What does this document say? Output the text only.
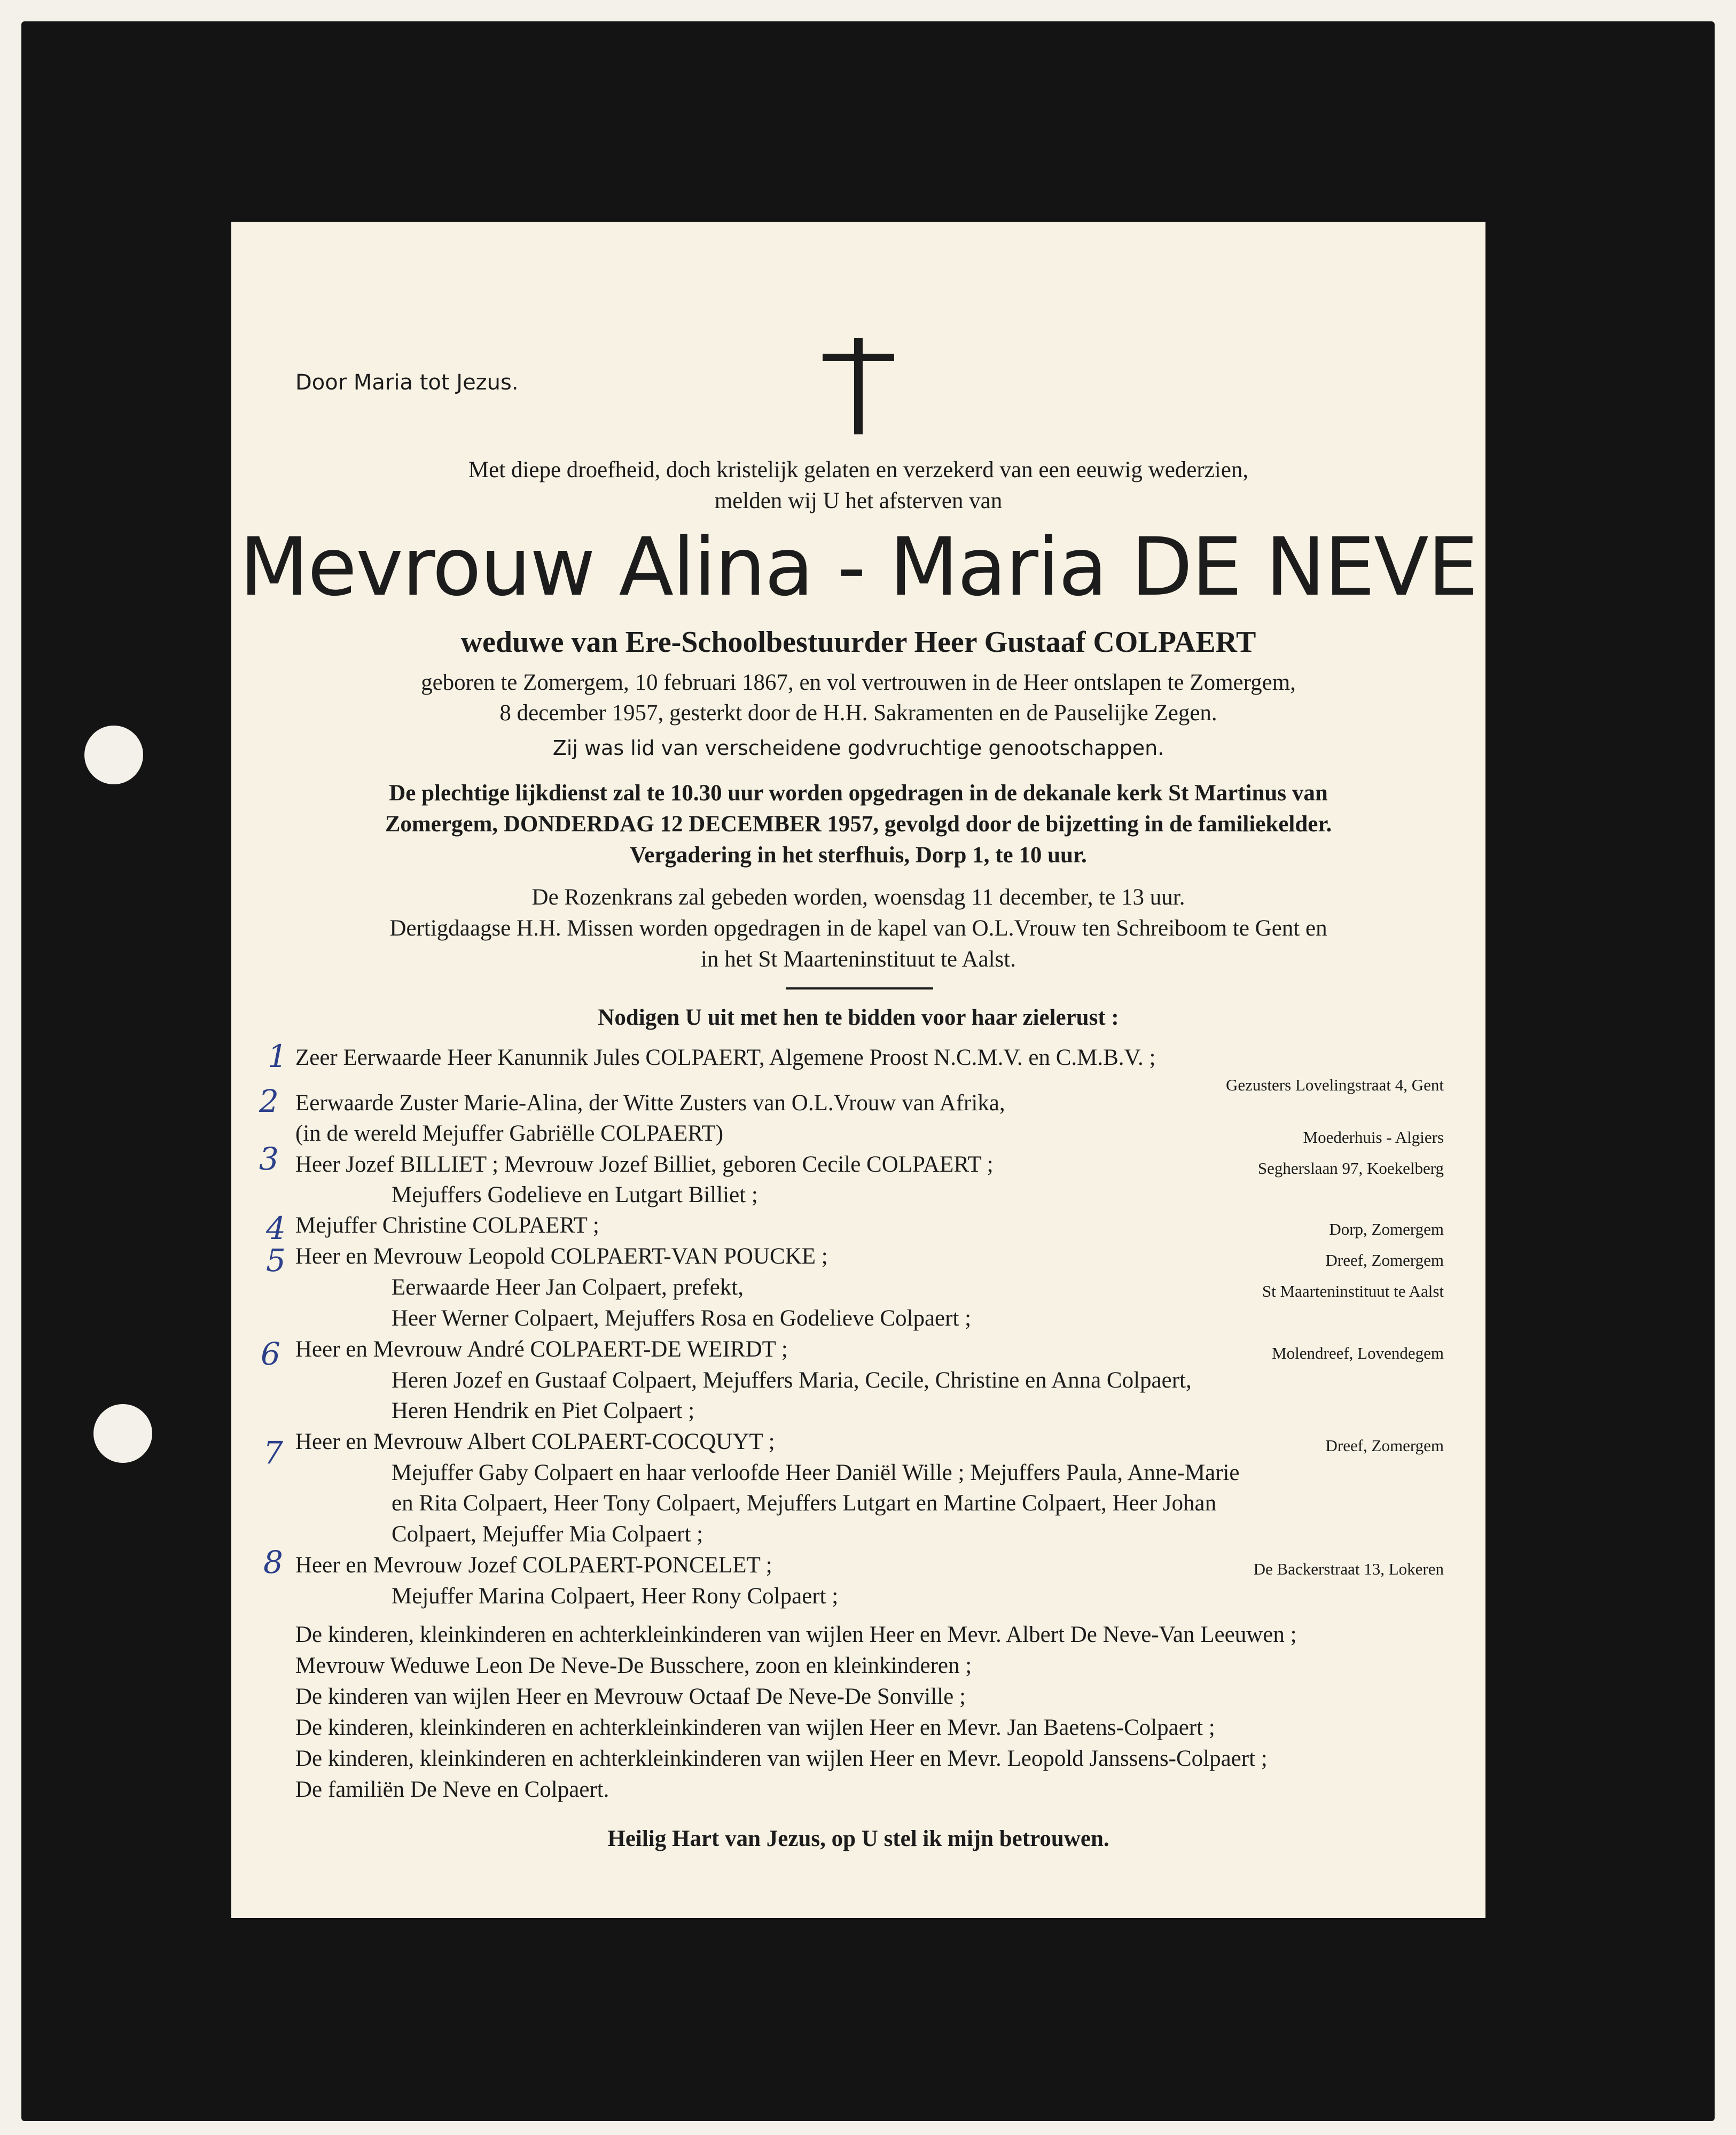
Door Maria tot Jezus.
Met diepe droefheid, doch kristelijk gelaten en verzekerd van een eeuwig wederzien,
melden wij U het afsterven van
Mevrouw Alina - Maria DE NEVE
weduwe van Ere-Schoolbestuurder Heer Gustaaf COLPAERT
geboren te Zomergem, 10 februari 1867, en vol vertrouwen in de Heer ontslapen te Zomergem,
8 december 1957, gesterkt door de H.H. Sakramenten en de Pauselijke Zegen.
Zij was lid van verscheidene godvruchtige genootschappen.
De plechtige lijkdienst zal te 10.30 uur worden opgedragen in de dekanale kerk St Martinus van
Zomergem, DONDERDAG 12 DECEMBER 1957, gevolgd door de bijzetting in de familiekelder.
Vergadering in het sterfhuis, Dorp 1, te 10 uur.
De Rozenkrans zal gebeden worden, woensdag 11 december, te 13 uur.
Dertigdaagse H.H. Missen worden opgedragen in de kapel van O.L.Vrouw ten Schreiboom te Gent en
in het St Maarteninstituut te Aalst.
Nodigen U uit met hen te bidden voor haar zielerust :
1
2
3
4
5
6
7
8
Zeer Eerwaarde Heer Kanunnik Jules COLPAERT, Algemene Proost N.C.M.V. en C.M.B.V. ;
Eerwaarde Zuster Marie-Alina, der Witte Zusters van O.L.Vrouw van Afrika,
(in de wereld Mejuffer Gabriëlle COLPAERT)
Heer Jozef BILLIET ; Mevrouw Jozef Billiet, geboren Cecile COLPAERT ;
Mejuffers Godelieve en Lutgart Billiet ;
Mejuffer Christine COLPAERT ;
Heer en Mevrouw Leopold COLPAERT-VAN POUCKE ;
Eerwaarde Heer Jan Colpaert, prefekt,
Heer Werner Colpaert, Mejuffers Rosa en Godelieve Colpaert ;
Heer en Mevrouw André COLPAERT-DE WEIRDT ;
Heren Jozef en Gustaaf Colpaert, Mejuffers Maria, Cecile, Christine en Anna Colpaert,
Heren Hendrik en Piet Colpaert ;
Heer en Mevrouw Albert COLPAERT-COCQUYT ;
Mejuffer Gaby Colpaert en haar verloofde Heer Daniël Wille ; Mejuffers Paula, Anne-Marie
en Rita Colpaert, Heer Tony Colpaert, Mejuffers Lutgart en Martine Colpaert, Heer Johan
Colpaert, Mejuffer Mia Colpaert ;
Heer en Mevrouw Jozef COLPAERT-PONCELET ;
Mejuffer Marina Colpaert, Heer Rony Colpaert ;
Gezusters Lovelingstraat 4, Gent
Moederhuis - Algiers
Segherslaan 97, Koekelberg
Dorp, Zomergem
Dreef, Zomergem
St Maarteninstituut te Aalst
Molendreef, Lovendegem
Dreef, Zomergem
De Backerstraat 13, Lokeren
De kinderen, kleinkinderen en achterkleinkinderen van wijlen Heer en Mevr. Albert De Neve-Van Leeuwen ;
Mevrouw Weduwe Leon De Neve-De Busschere, zoon en kleinkinderen ;
De kinderen van wijlen Heer en Mevrouw Octaaf De Neve-De Sonville ;
De kinderen, kleinkinderen en achterkleinkinderen van wijlen Heer en Mevr. Jan Baetens-Colpaert ;
De kinderen, kleinkinderen en achterkleinkinderen van wijlen Heer en Mevr. Leopold Janssens-Colpaert ;
De familiën De Neve en Colpaert.
Heilig Hart van Jezus, op U stel ik mijn betrouwen.
